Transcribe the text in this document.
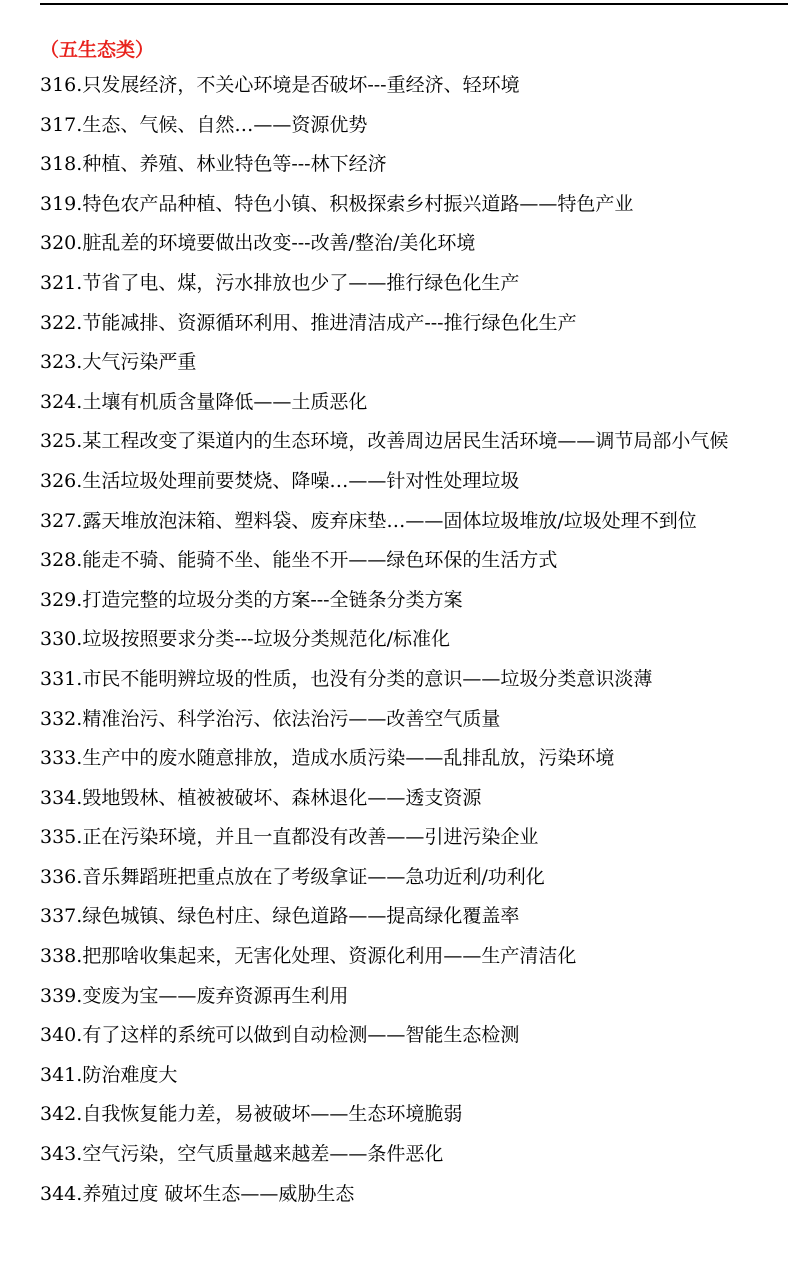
（五生态类）
316.只发展经济，不关心环境是否破坏---重经济、轻环境
317.生态、气候、自然…——资源优势
318.种植、养殖、林业特色等---林下经济
319.特色农产品种植、特色小镇、积极探索乡村振兴道路——特色产业
320.脏乱差的环境要做出改变---改善/整治/美化环境
321.节省了电、煤，污水排放也少了——推行绿色化生产
322.节能减排、资源循环利用、推进清洁成产---推行绿色化生产
323.大气污染严重
324.土壤有机质含量降低——土质恶化
325.某工程改变了渠道内的生态环境，改善周边居民生活环境——调节局部小气候
326.生活垃圾处理前要焚烧、降噪…——针对性处理垃圾
327.露天堆放泡沫箱、塑料袋、废弃床垫…——固体垃圾堆放/垃圾处理不到位
328.能走不骑、能骑不坐、能坐不开——绿色环保的生活方式
329.打造完整的垃圾分类的方案---全链条分类方案
330.垃圾按照要求分类---垃圾分类规范化/标准化
331.市民不能明辨垃圾的性质，也没有分类的意识——垃圾分类意识淡薄
332.精准治污、科学治污、依法治污——改善空气质量
333.生产中的废水随意排放，造成水质污染——乱排乱放，污染环境
334.毁地毁林、植被被破坏、森林退化——透支资源
335.正在污染环境，并且一直都没有改善——引进污染企业
336.音乐舞蹈班把重点放在了考级拿证——急功近利/功利化
337.绿色城镇、绿色村庄、绿色道路——提高绿化覆盖率
338.把那啥收集起来，无害化处理、资源化利用——生产清洁化
339.变废为宝——废弃资源再生利用
340.有了这样的系统可以做到自动检测——智能生态检测
341.防治难度大
342.自我恢复能力差，易被破坏——生态环境脆弱
343.空气污染，空气质量越来越差——条件恶化
344.养殖过度 破坏生态——威胁生态
